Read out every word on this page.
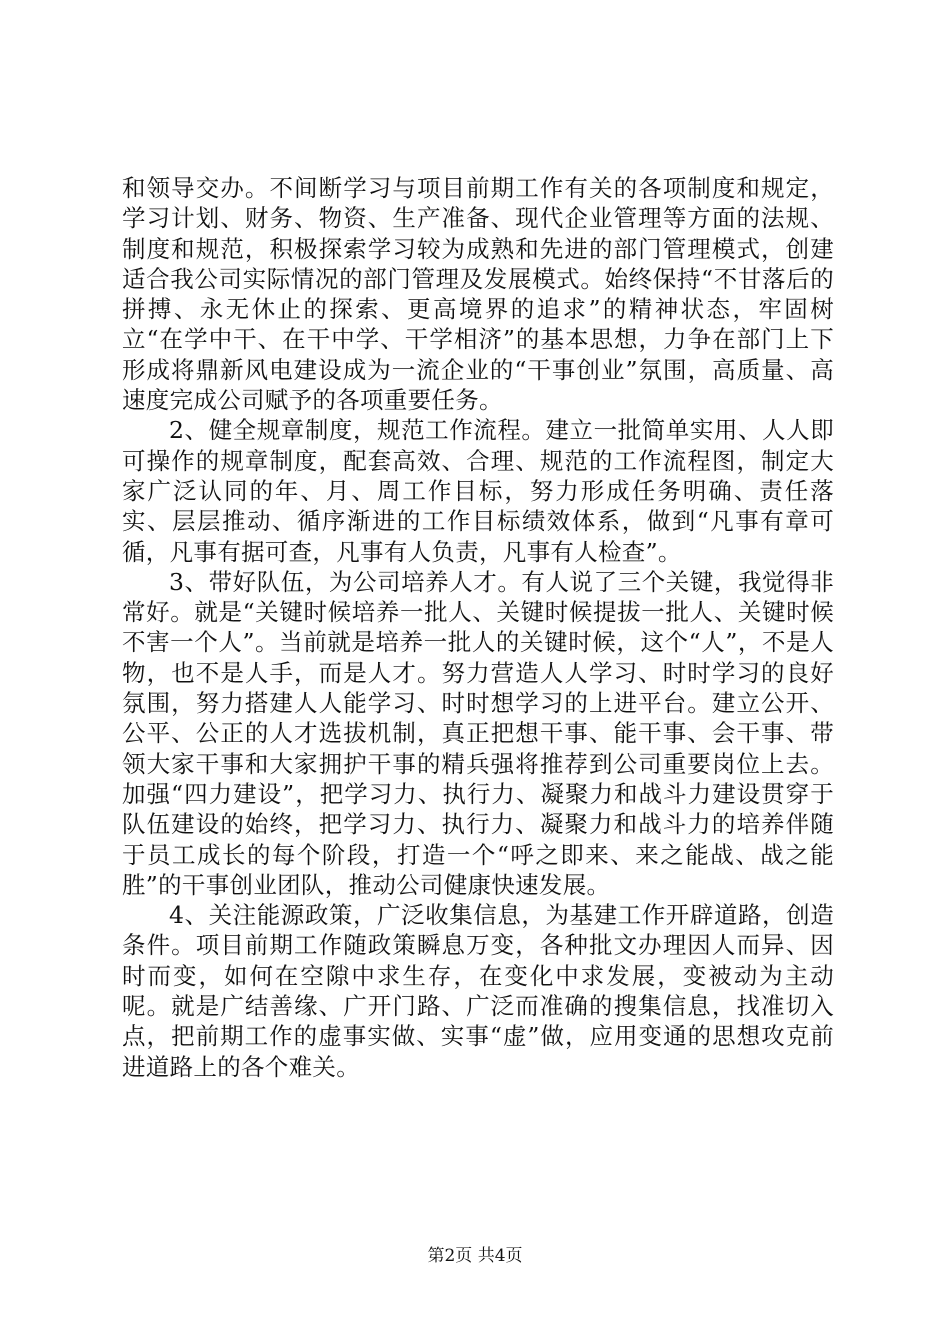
和领导交办。不间断学习与项目前期工作有关的各项制度和规定，学习计划、财务、物资、生产准备、现代企业管理等方面的法规、制度和规范，积极探索学习较为成熟和先进的部门管理模式，创建适合我公司实际情况的部门管理及发展模式。始终保持“不甘落后的拼搏、永无休止的探索、更高境界的追求”的精神状态，牢固树立“在学中干、在干中学、干学相济”的基本思想，力争在部门上下形成将鼎新风电建设成为一流企业的“干事创业”氛围，高质量、高速度完成公司赋予的各项重要任务。

2、健全规章制度，规范工作流程。建立一批简单实用、人人即可操作的规章制度，配套高效、合理、规范的工作流程图，制定大家广泛认同的年、月、周工作目标，努力形成任务明确、责任落实、层层推动、循序渐进的工作目标绩效体系，做到“凡事有章可循，凡事有据可查，凡事有人负责，凡事有人检查”。

3、带好队伍，为公司培养人才。有人说了三个关键，我觉得非常好。就是“关键时候培养一批人、关键时候提拔一批人、关键时候不害一个人”。当前就是培养一批人的关键时候，这个“人”，不是人物，也不是人手，而是人才。努力营造人人学习、时时学习的良好氛围，努力搭建人人能学习、时时想学习的上进平台。建立公开、公平、公正的人才选拔机制，真正把想干事、能干事、会干事、带领大家干事和大家拥护干事的精兵强将推荐到公司重要岗位上去。加强“四力建设”，把学习力、执行力、凝聚力和战斗力建设贯穿于队伍建设的始终，把学习力、执行力、凝聚力和战斗力的培养伴随于员工成长的每个阶段，打造一个“呼之即来、来之能战、战之能胜”的干事创业团队，推动公司健康快速发展。

4、关注能源政策，广泛收集信息，为基建工作开辟道路，创造条件。项目前期工作随政策瞬息万变，各种批文办理因人而异、因时而变，如何在空隙中求生存，在变化中求发展，变被动为主动呢。就是广结善缘、广开门路、广泛而准确的搜集信息，找准切入点，把前期工作的虚事实做、实事“虚”做，应用变通的思想攻克前进道路上的各个难关。

第2页 共4页
